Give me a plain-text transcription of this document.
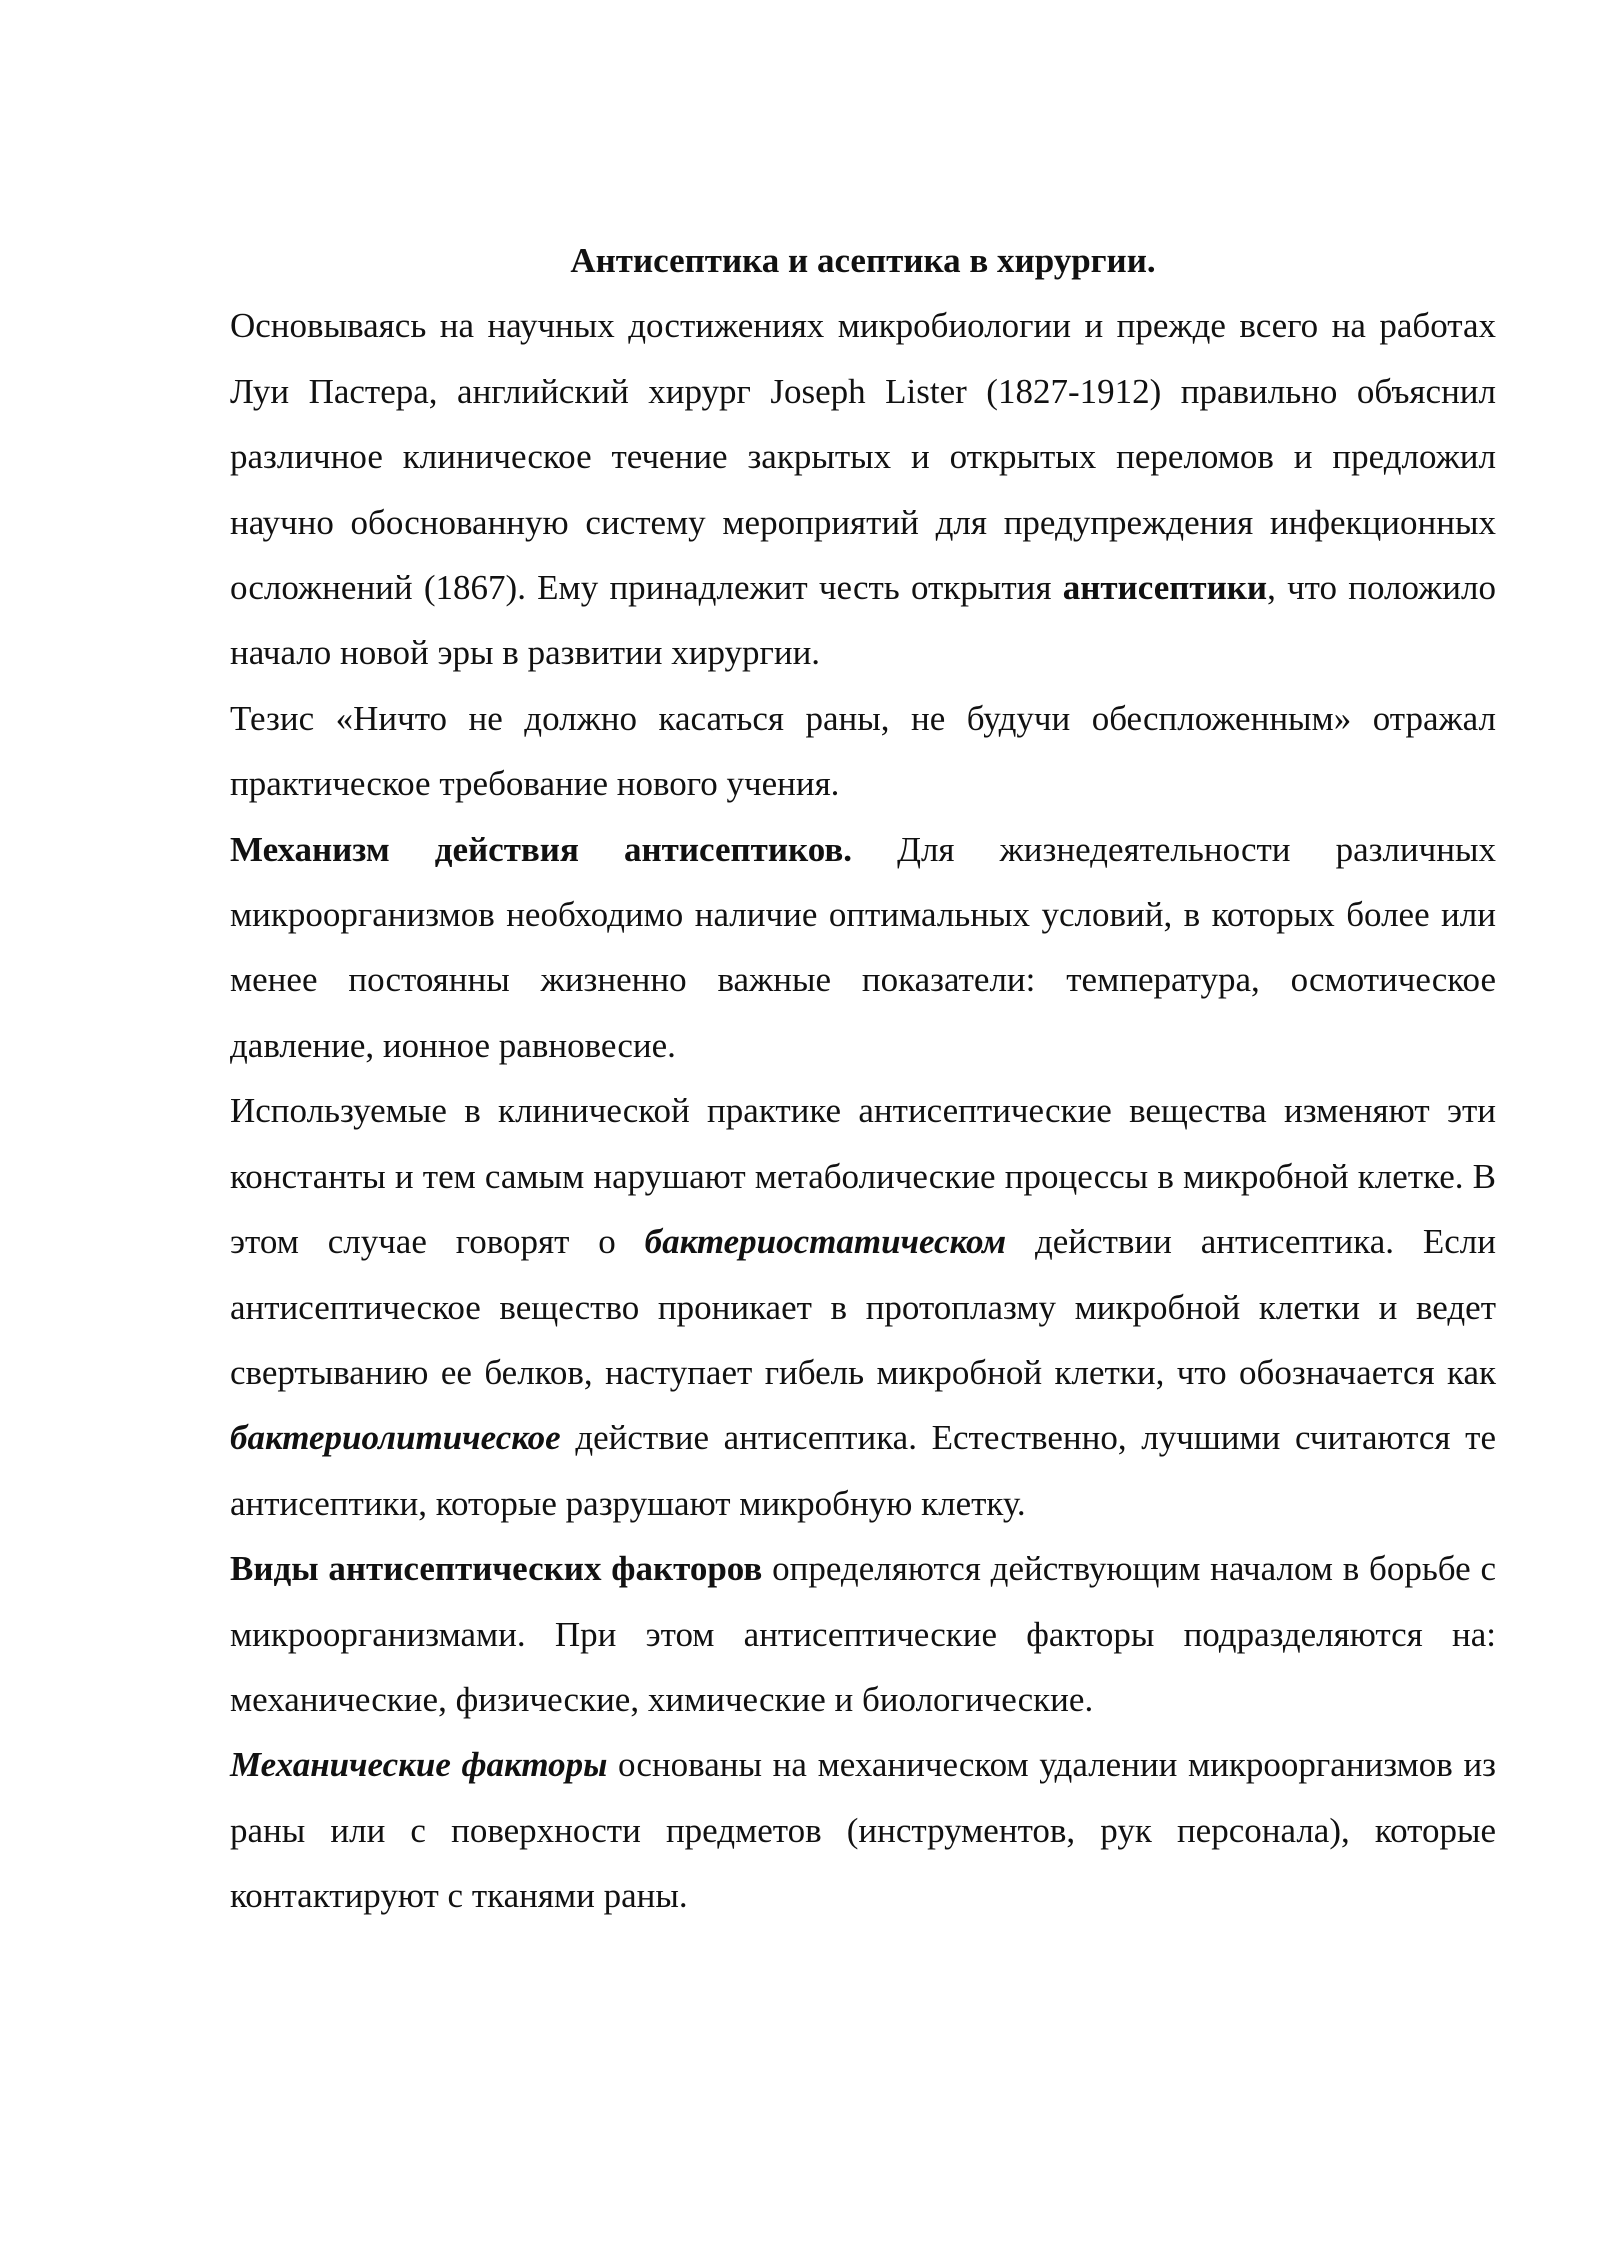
Антисептика и асептика в хирургии.

Основываясь на научных достижениях микробиологии и прежде всего на работах Луи Пастера, английский хирург Joseph Lister (1827-1912) правильно объяснил различное клиническое течение закрытых и открытых переломов и предложил научно обоснованную систему мероприятий для предупреждения инфекционных осложнений (1867). Ему принадлежит честь открытия антисептики, что положило начало новой эры в развитии хирургии.

Тезис «Ничто не должно касаться раны, не будучи обеспложенным» отражал практическое требование нового учения.

Механизм действия антисептиков. Для жизнедеятельности различных микроорганизмов необходимо наличие оптимальных условий, в которых более или менее постоянны жизненно важные показатели: температура, осмотическое давление, ионное равновесие.

Используемые в клинической практике антисептические вещества изменяют эти константы и тем самым нарушают метаболические процессы в микробной клетке. В этом случае говорят о бактериостатическом действии антисептика. Если антисептическое вещество проникает в протоплазму микробной клетки и ведет свертыванию ее белков, наступает гибель микробной клетки, что обозначается как бактериолитическое действие антисептика. Естественно, лучшими считаются те антисептики, которые разрушают микробную клетку.

Виды антисептических факторов определяются действующим началом в борьбе с микроорганизмами. При этом антисептические факторы подразделяются на: механические, физические, химические и биологические.

Механические факторы основаны на механическом удалении микроорганизмов из раны или с поверхности предметов (инструментов, рук персонала), которые контактируют с тканями раны.
